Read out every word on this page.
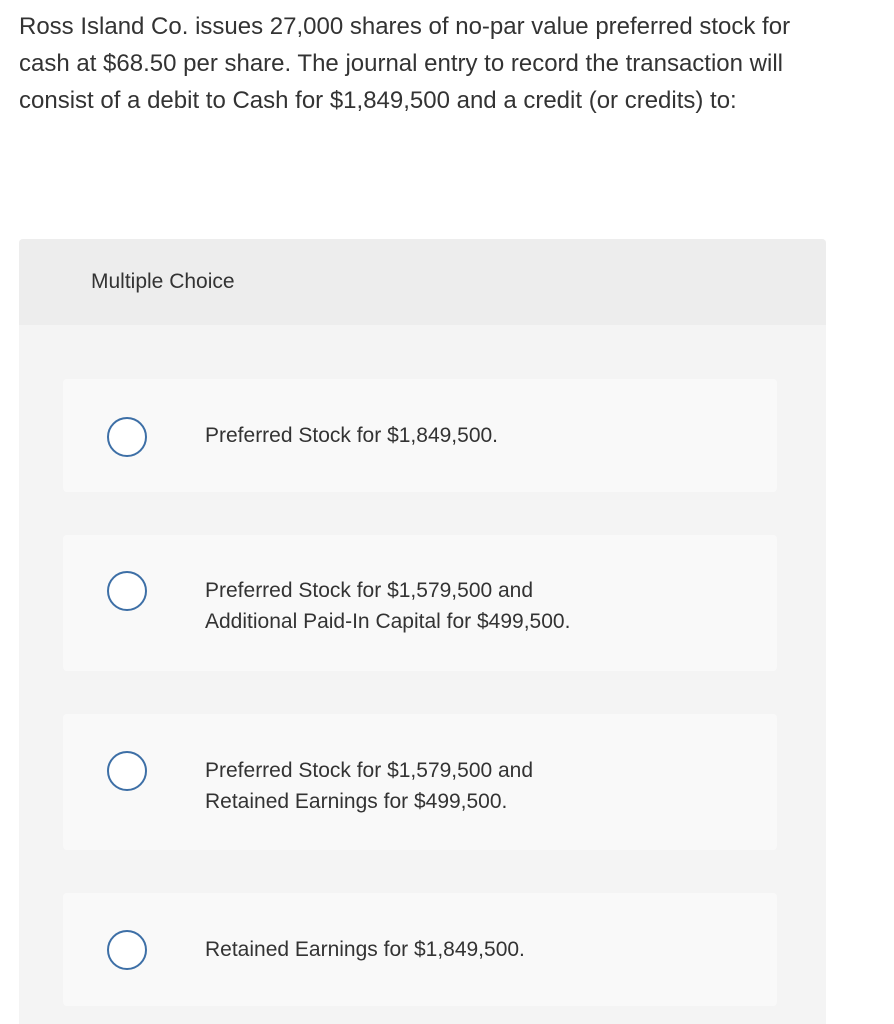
Ross Island Co. issues 27,000 shares of no-par value preferred stock for cash at $68.50 per share. The journal entry to record the transaction will consist of a debit to Cash for $1,849,500 and a credit (or credits) to:

Multiple Choice
Preferred Stock for $1,849,500.
Preferred Stock for $1,579,500 and
Additional Paid-In Capital for $499,500.
Preferred Stock for $1,579,500 and
Retained Earnings for $499,500.
Retained Earnings for $1,849,500.
